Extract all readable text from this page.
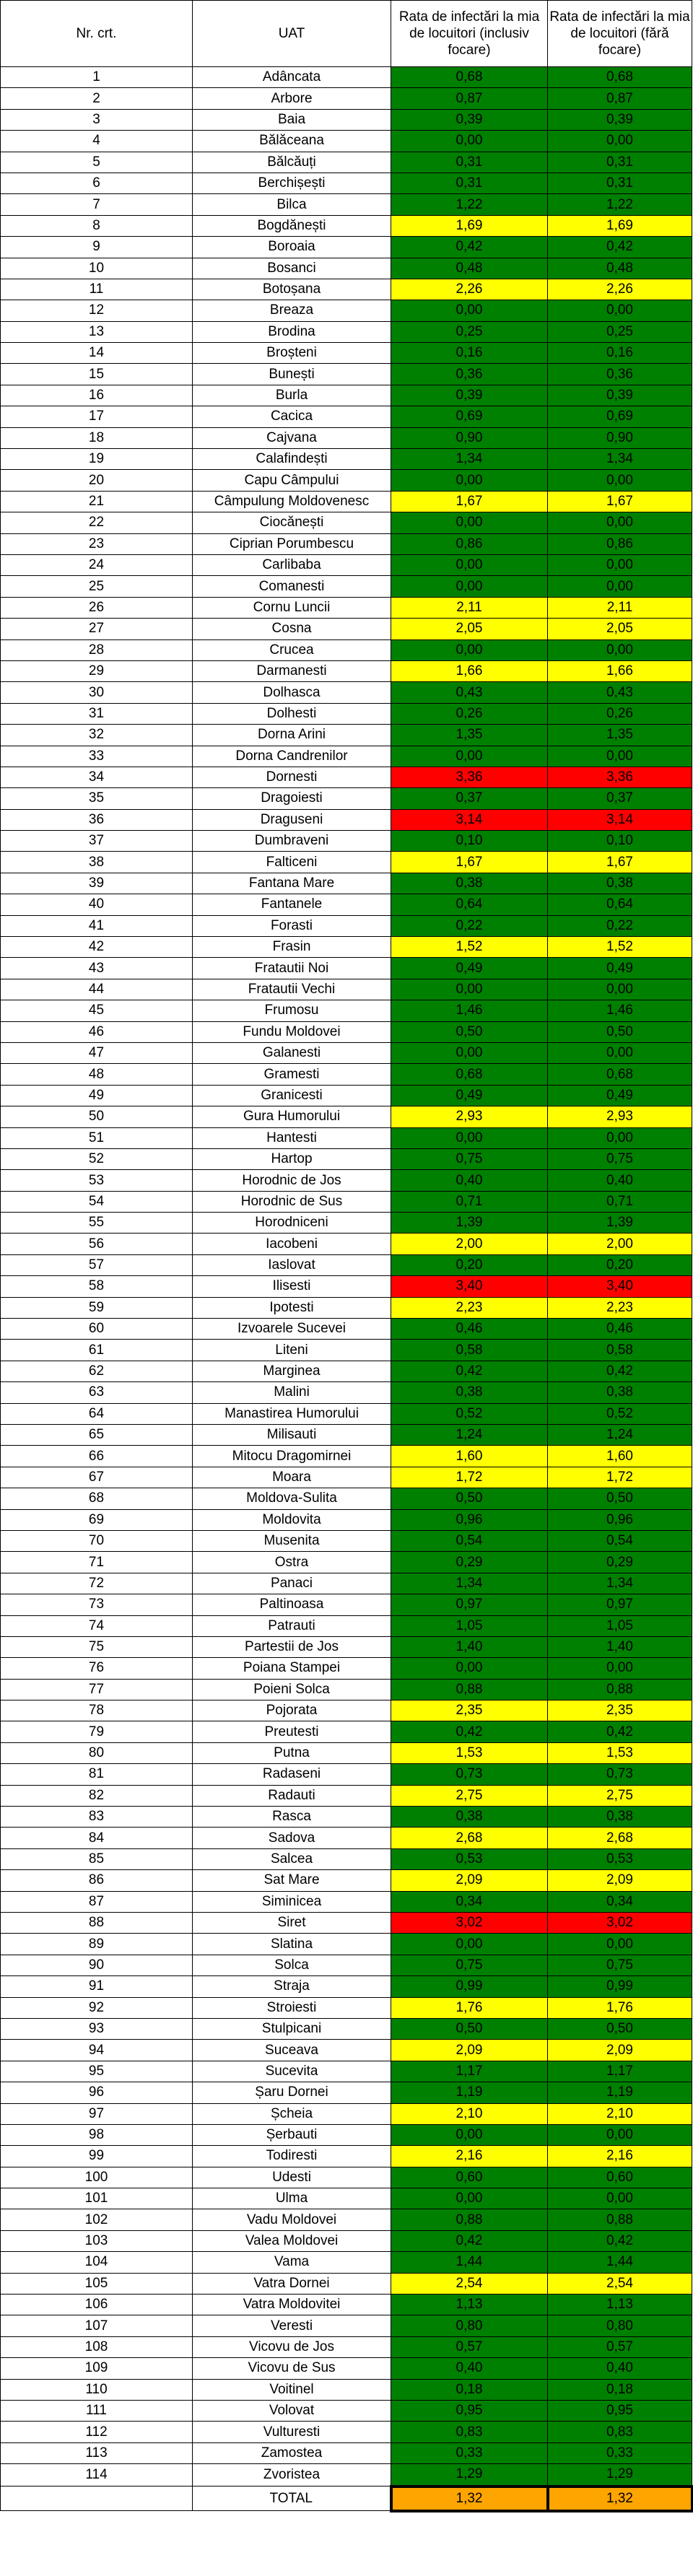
Nr. crt.	UAT	Rata de infectări la mia de locuitori (inclusiv focare)	Rata de infectări la mia de locuitori (fără focare)
1	Adâncata	0,68	0,68
2	Arbore	0,87	0,87
3	Baia	0,39	0,39
4	Bălăceana	0,00	0,00
5	Bălcăuți	0,31	0,31
6	Berchișești	0,31	0,31
7	Bilca	1,22	1,22
8	Bogdănești	1,69	1,69
9	Boroaia	0,42	0,42
10	Bosanci	0,48	0,48
11	Botoșana	2,26	2,26
12	Breaza	0,00	0,00
13	Brodina	0,25	0,25
14	Broșteni	0,16	0,16
15	Bunești	0,36	0,36
16	Burla	0,39	0,39
17	Cacica	0,69	0,69
18	Cajvana	0,90	0,90
19	Calafindești	1,34	1,34
20	Capu Câmpului	0,00	0,00
21	Câmpulung Moldovenesc	1,67	1,67
22	Ciocănești	0,00	0,00
23	Ciprian Porumbescu	0,86	0,86
24	Carlibaba	0,00	0,00
25	Comanesti	0,00	0,00
26	Cornu Luncii	2,11	2,11
27	Cosna	2,05	2,05
28	Crucea	0,00	0,00
29	Darmanesti	1,66	1,66
30	Dolhasca	0,43	0,43
31	Dolhesti	0,26	0,26
32	Dorna Arini	1,35	1,35
33	Dorna Candrenilor	0,00	0,00
34	Dornesti	3,36	3,36
35	Dragoiesti	0,37	0,37
36	Draguseni	3,14	3,14
37	Dumbraveni	0,10	0,10
38	Falticeni	1,67	1,67
39	Fantana Mare	0,38	0,38
40	Fantanele	0,64	0,64
41	Forasti	0,22	0,22
42	Frasin	1,52	1,52
43	Fratautii Noi	0,49	0,49
44	Fratautii Vechi	0,00	0,00
45	Frumosu	1,46	1,46
46	Fundu Moldovei	0,50	0,50
47	Galanesti	0,00	0,00
48	Gramesti	0,68	0,68
49	Granicesti	0,49	0,49
50	Gura Humorului	2,93	2,93
51	Hantesti	0,00	0,00
52	Hartop	0,75	0,75
53	Horodnic de Jos	0,40	0,40
54	Horodnic de Sus	0,71	0,71
55	Horodniceni	1,39	1,39
56	Iacobeni	2,00	2,00
57	Iaslovat	0,20	0,20
58	Ilisesti	3,40	3,40
59	Ipotesti	2,23	2,23
60	Izvoarele Sucevei	0,46	0,46
61	Liteni	0,58	0,58
62	Marginea	0,42	0,42
63	Malini	0,38	0,38
64	Manastirea Humorului	0,52	0,52
65	Milisauti	1,24	1,24
66	Mitocu Dragomirnei	1,60	1,60
67	Moara	1,72	1,72
68	Moldova-Sulita	0,50	0,50
69	Moldovita	0,96	0,96
70	Musenita	0,54	0,54
71	Ostra	0,29	0,29
72	Panaci	1,34	1,34
73	Paltinoasa	0,97	0,97
74	Patrauti	1,05	1,05
75	Partestii de Jos	1,40	1,40
76	Poiana Stampei	0,00	0,00
77	Poieni Solca	0,88	0,88
78	Pojorata	2,35	2,35
79	Preutesti	0,42	0,42
80	Putna	1,53	1,53
81	Radaseni	0,73	0,73
82	Radauti	2,75	2,75
83	Rasca	0,38	0,38
84	Sadova	2,68	2,68
85	Salcea	0,53	0,53
86	Sat Mare	2,09	2,09
87	Siminicea	0,34	0,34
88	Siret	3,02	3,02
89	Slatina	0,00	0,00
90	Solca	0,75	0,75
91	Straja	0,99	0,99
92	Stroiesti	1,76	1,76
93	Stulpicani	0,50	0,50
94	Suceava	2,09	2,09
95	Sucevita	1,17	1,17
96	Șaru Dornei	1,19	1,19
97	Șcheia	2,10	2,10
98	Șerbauti	0,00	0,00
99	Todiresti	2,16	2,16
100	Udesti	0,60	0,60
101	Ulma	0,00	0,00
102	Vadu Moldovei	0,88	0,88
103	Valea Moldovei	0,42	0,42
104	Vama	1,44	1,44
105	Vatra Dornei	2,54	2,54
106	Vatra Moldovitei	1,13	1,13
107	Veresti	0,80	0,80
108	Vicovu de Jos	0,57	0,57
109	Vicovu de Sus	0,40	0,40
110	Voitinel	0,18	0,18
111	Volovat	0,95	0,95
112	Vulturesti	0,83	0,83
113	Zamostea	0,33	0,33
114	Zvoristea	1,29	1,29
	TOTAL	1,32	1,32
